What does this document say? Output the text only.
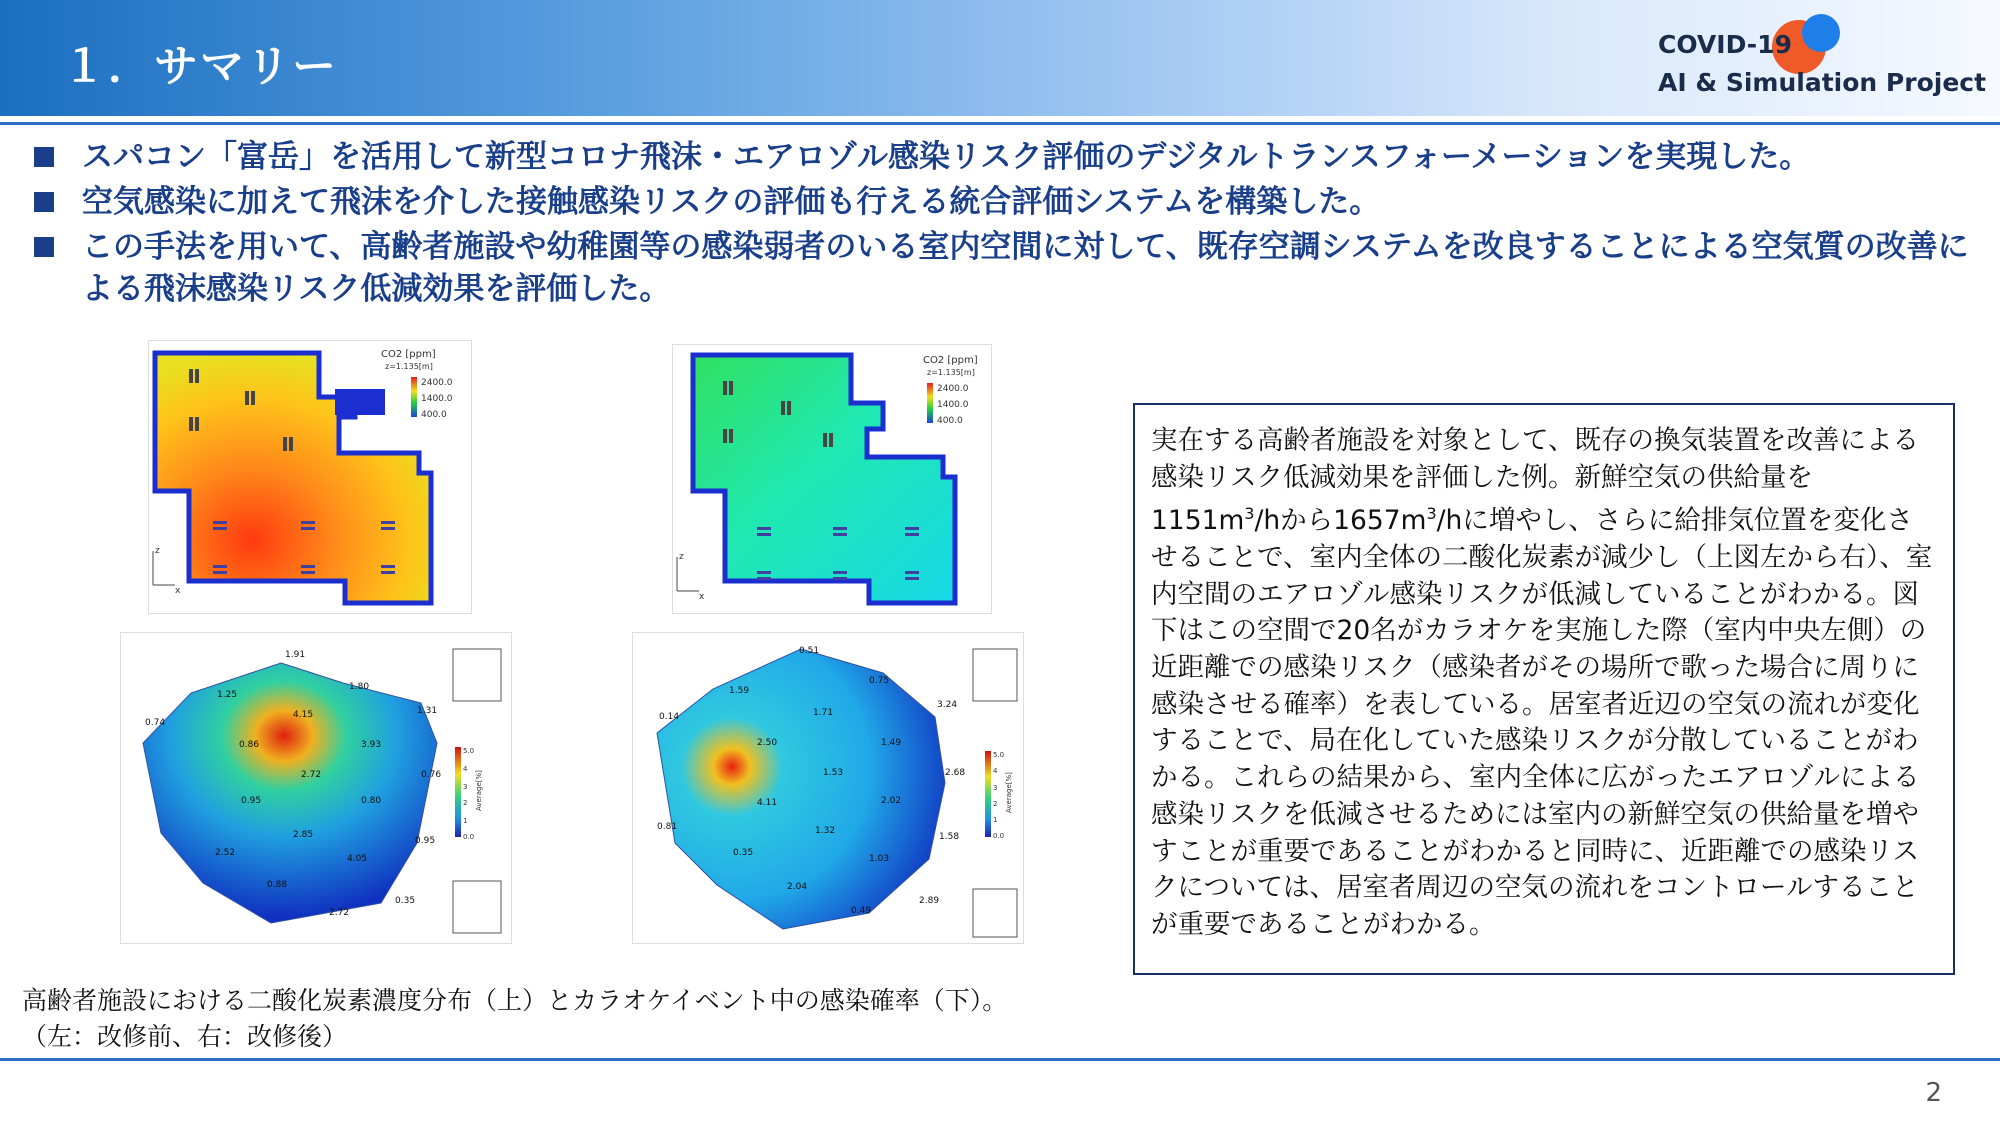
１．サマリー	COVID-19
AI & Simulation Project
スパコン「富岳」を活用して新型コロナ飛沫・エアロゾル感染リスク評価のデジタルトランスフォーメーションを実現した。
空気感染に加えて飛沫を介した接触感染リスクの評価も行える統合評価システムを構築した。
この手法を用いて、高齢者施設や幼稚園等の感染弱者のいる室内空間に対して、既存空調システムを改良することによる空気質の改善による飛沫感染リスク低減効果を評価した。
CO2 [ppm]
z=1.135[m]
2400.0
1400.0
400.0
z
x
CO2 [ppm]
z=1.135[m]
2400.0
1400.0
400.0
z
x
5.0
4
3
2
1
0.0
Average[%]
1.91
1.80
1.25
0.74
1.31
4.15
0.86	3.93
2.72	0.76
0.95	0.80
2.85
2.52
0.95
0.88
2.72
0.35
4.05
5.0
4
3
2
1
0.0
Average[%]
0.51
0.75
1.59
0.14
3.24
1.71
2.50	1.49
1.53	2.68
4.11	2.02
0.81	1.32
1.58
0.35
1.03
2.04
0.49
2.89
高齢者施設における二酸化炭素濃度分布（上）とカラオケイベント中の感染確率（下）。
（左：改修前、右：改修後）
実在する高齢者施設を対象として、既存の換気装置を改善による感染リスク低減効果を評価した例。新鮮空気の供給量を$1151m^3/h$から$1657m^3/h$に増やし、さらに給排気位置を変化させることで、室内全体の二酸化炭素が減少し（上図左から右）、室内空間のエアロゾル感染リスクが低減していることがわかる。図下はこの空間で20名がカラオケを実施した際（室内中央左側）の近距離での感染リスク（感染者がその場所で歌った場合に周りに感染させる確率）を表している。居室者近辺の空気の流れが変化することで、局在化していた感染リスクが分散していることがわかる。これらの結果から、室内全体に広がったエアロゾルによる感染リスクを低減させるためには室内の新鮮空気の供給量を増やすことが重要であることがわかると同時に、近距離での感染リスクについては、居室者周辺の空気の流れをコントロールすることが重要であることがわかる。
2
